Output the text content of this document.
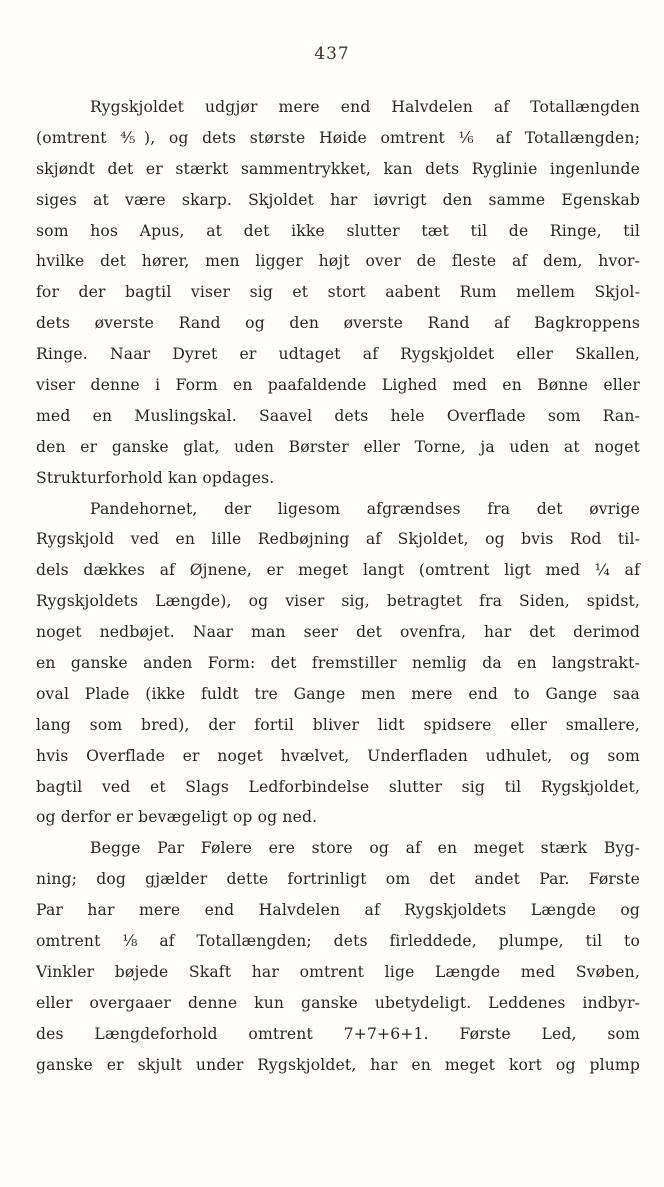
437
Rygskjoldet udgjør mere end Halvdelen af Totallængden
(omtrent ⅘), og dets største Høide omtrent ⅙ af Totallængden;
skjøndt det er stærkt sammentrykket, kan dets Ryglinie ingenlunde
siges at være skarp. Skjoldet har iøvrigt den samme Egenskab
som hos Apus, at det ikke slutter tæt til de Ringe, til
hvilke det hører, men ligger højt over de fleste af dem, hvor-
for der bagtil viser sig et stort aabent Rum mellem Skjol-
dets øverste Rand og den øverste Rand af Bagkroppens
Ringe. Naar Dyret er udtaget af Rygskjoldet eller Skallen,
viser denne i Form en paafaldende Lighed med en Bønne eller
med en Muslingskal. Saavel dets hele Overflade som Ran-
den er ganske glat, uden Børster eller Torne, ja uden at noget
Strukturforhold kan opdages.
Pandehornet, der ligesom afgrændses fra det øvrige
Rygskjold ved en lille Redbøjning af Skjoldet, og bvis Rod til-
dels dækkes af Øjnene, er meget langt (omtrent ligt med ¼ af
Rygskjoldets Længde), og viser sig, betragtet fra Siden, spidst,
noget nedbøjet. Naar man seer det ovenfra, har det derimod
en ganske anden Form: det fremstiller nemlig da en langstrakt-
oval Plade (ikke fuldt tre Gange men mere end to Gange saa
lang som bred), der fortil bliver lidt spidsere eller smallere,
hvis Overflade er noget hvælvet, Underfladen udhulet, og som
bagtil ved et Slags Ledforbindelse slutter sig til Rygskjoldet,
og derfor er bevægeligt op og ned.
Begge Par Følere ere store og af en meget stærk Byg-
ning; dog gjælder dette fortrinligt om det andet Par. Første
Par har mere end Halvdelen af Rygskjoldets Længde og
omtrent ⅛ af Totallængden; dets firleddede, plumpe, til to
Vinkler bøjede Skaft har omtrent lige Længde med Svøben,
eller overgaaer denne kun ganske ubetydeligt. Leddenes indbyr-
des Længdeforhold omtrent 7+7+6+1. Første Led, som
ganske er skjult under Rygskjoldet, har en meget kort og plump
